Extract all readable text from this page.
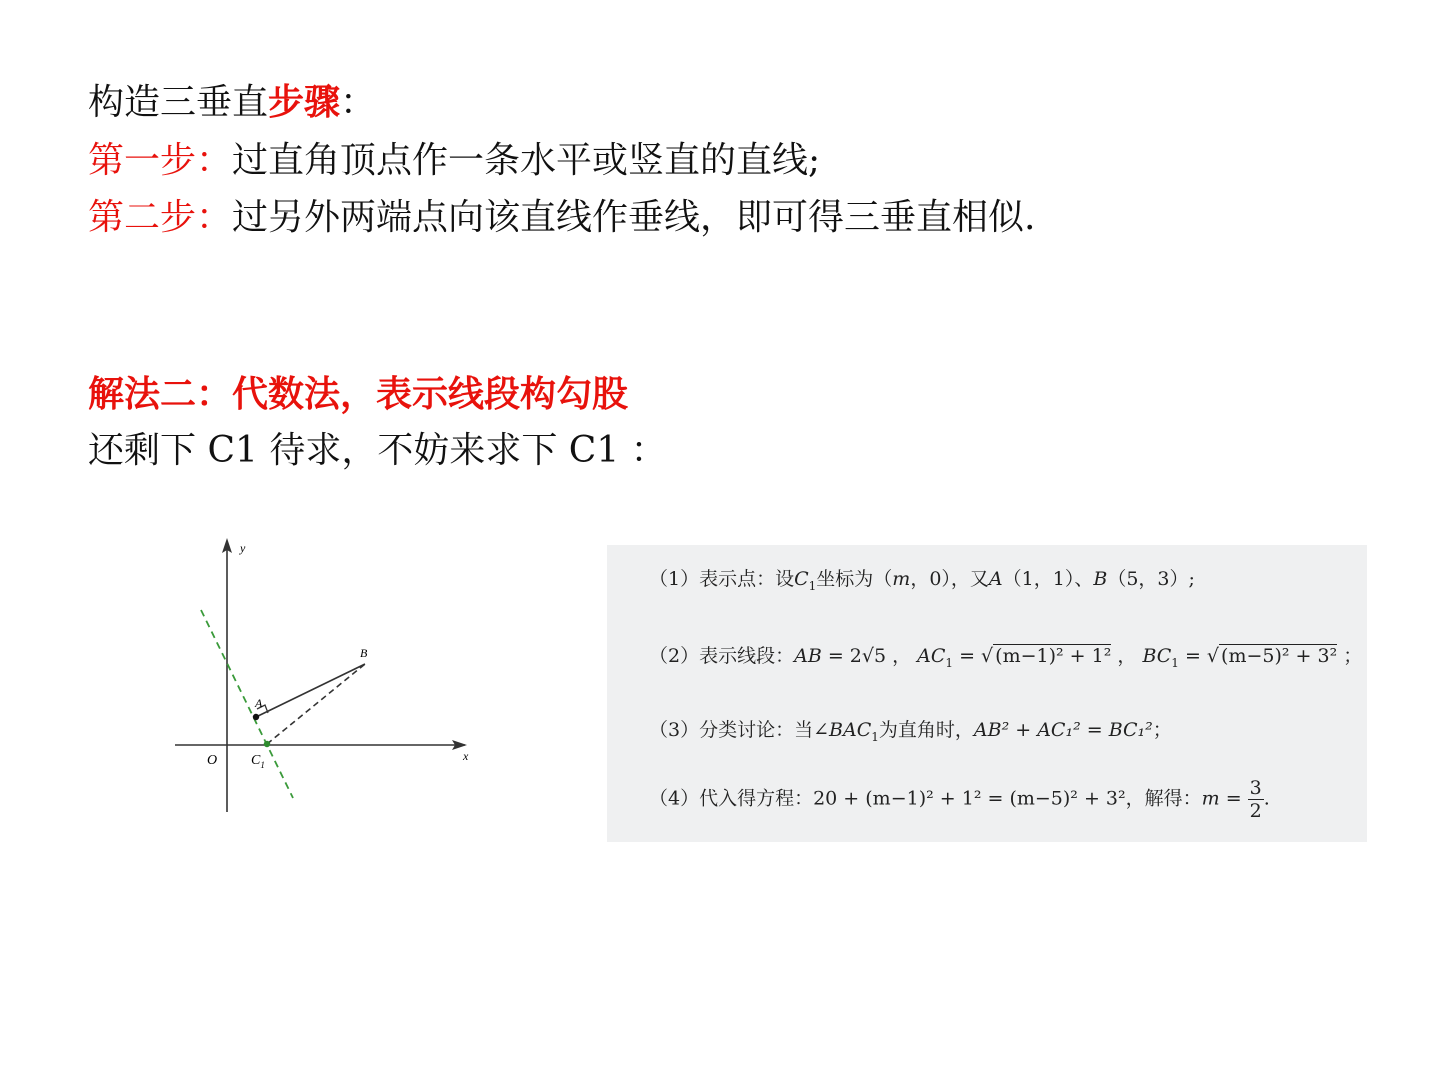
构造三垂直步骤：
第一步：过直角顶点作一条水平或竖直的直线;
第二步：过另外两端点向该直线作垂线，即可得三垂直相似.
解法二：代数法，表示线段构勾股
还剩下 C1 待求，不妨来求下 C1 ：
y
x
O
A
B
$C_1$
（1）表示点：设$C_1$坐标为（m，0），又A（1，1）、B（5，3）;
（2）表示线段：AB = 2√5 ， $AC_1$ = √ (m−1)² + 1² ， $BC_1$ = √ (m−5)² + 3² ；
（3）分类讨论：当$\angle BAC_1$为直角时，AB² + AC₁² = BC₁²；
（4）代入得方程：20 + (m−1)² + 1² = (m−5)² + 3²，解得：$m = \frac{3}{2}$ .
